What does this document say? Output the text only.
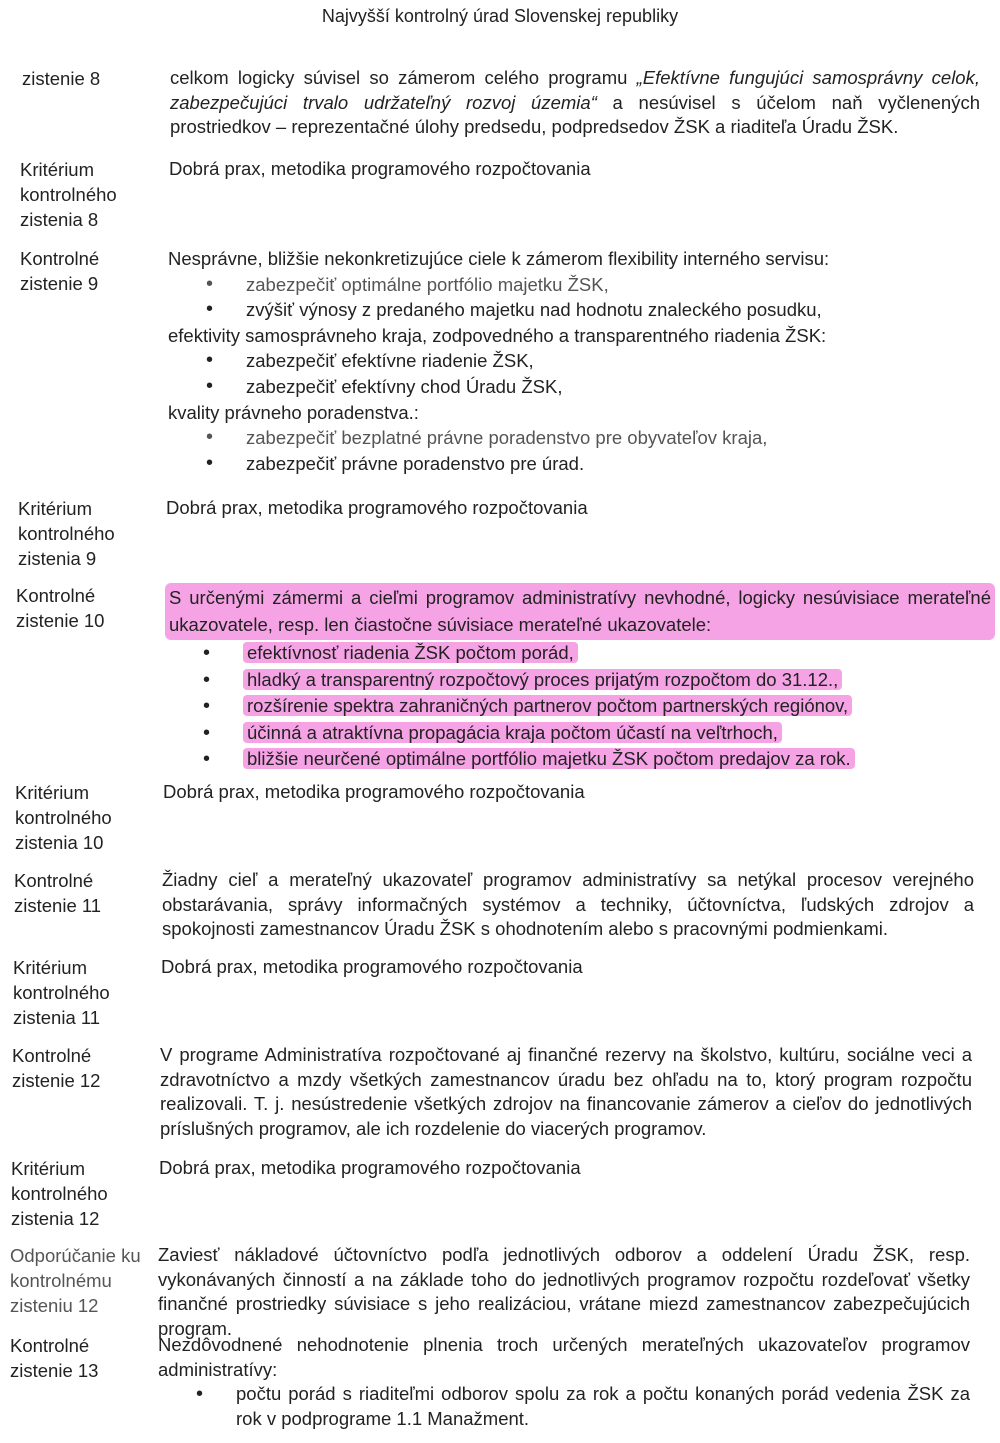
Najvyšší kontrolný úrad Slovenskej republiky
zistenie 8	celkom logicky súvisel so zámerom celého programu „Efektívne fungujúci samosprávny celok, zabezpečujúci trvalo udržateľný rozvoj územia“ a nesúvisel s účelom naň vyčlenených prostriedkov – reprezentačné úlohy predsedu, podpredsedov ŽSK a riaditeľa Úradu ŽSK.
Kritérium kontrolného zistenia 8
Dobrá prax, metodika programového rozpočtovania
Kontrolné zistenie 9

Nesprávne, bližšie nekonkretizujúce ciele k zámerom flexibility interného servisu:

• zabezpečiť optimálne portfólio majetku ŽSK,
• zvýšiť výnosy z predaného majetku nad hodnotu znaleckého posudku,

efektivity samosprávneho kraja, zodpovedného a transparentného riadenia ŽSK:

• zabezpečiť efektívne riadenie ŽSK,
• zabezpečiť efektívny chod Úradu ŽSK,

kvality právneho poradenstva.:

• zabezpečiť bezplatné právne poradenstvo pre obyvateľov kraja,
• zabezpečiť právne poradenstvo pre úrad.
Kritérium kontrolného zistenia 9
Dobrá prax, metodika programového rozpočtovania
Kontrolné zistenie 10

S určenými zámermi a cieľmi programov administratívy nevhodné, logicky nesúvisiace merateľné ukazovatele, resp. len čiastočne súvisiace merateľné ukazovatele:

• efektívnosť riadenia ŽSK počtom porád,
• hladký a transparentný rozpočtový proces prijatým rozpočtom do 31.12.,
• rozšírenie spektra zahraničných partnerov počtom partnerských regiónov,
• účinná a atraktívna propagácia kraja počtom účastí na veľtrhoch,
• bližšie neurčené optimálne portfólio majetku ŽSK počtom predajov za rok.
Kritérium kontrolného zistenia 10
Dobrá prax, metodika programového rozpočtovania
Kontrolné zistenie 11
Žiadny cieľ a merateľný ukazovateľ programov administratívy sa netýkal procesov verejného obstarávania, správy informačných systémov a techniky, účtovníctva, ľudských zdrojov a spokojnosti zamestnancov Úradu ŽSK s ohodnotením alebo s pracovnými podmienkami.
Kritérium kontrolného zistenia 11
Dobrá prax, metodika programového rozpočtovania
Kontrolné zistenie 12
V programe Administratíva rozpočtované aj finančné rezervy na školstvo, kultúru, sociálne veci a zdravotníctvo a mzdy všetkých zamestnancov úradu bez ohľadu na to, ktorý program rozpočtu realizovali. T. j. nesústredenie všetkých zdrojov na financovanie zámerov a cieľov do jednotlivých príslušných programov, ale ich rozdelenie do viacerých programov.
Kritérium kontrolného zistenia 12
Dobrá prax, metodika programového rozpočtovania
Odporúčanie ku kontrolnému zisteniu 12
Zaviesť nákladové účtovníctvo podľa jednotlivých odborov a oddelení Úradu ŽSK, resp. vykonávaných činností a na základe toho do jednotlivých programov rozpočtu rozdeľovať všetky finančné prostriedky súvisiace s jeho realizáciou, vrátane miezd zamestnancov zabezpečujúcich program.
Kontrolné zistenie 13

Nezdôvodnené nehodnotenie plnenia troch určených merateľných ukazovateľov programov administratívy:

• počtu porád s riaditeľmi odborov spolu za rok a počtu konaných porád vedenia ŽSK za rok v podprograme 1.1 Manažment.
